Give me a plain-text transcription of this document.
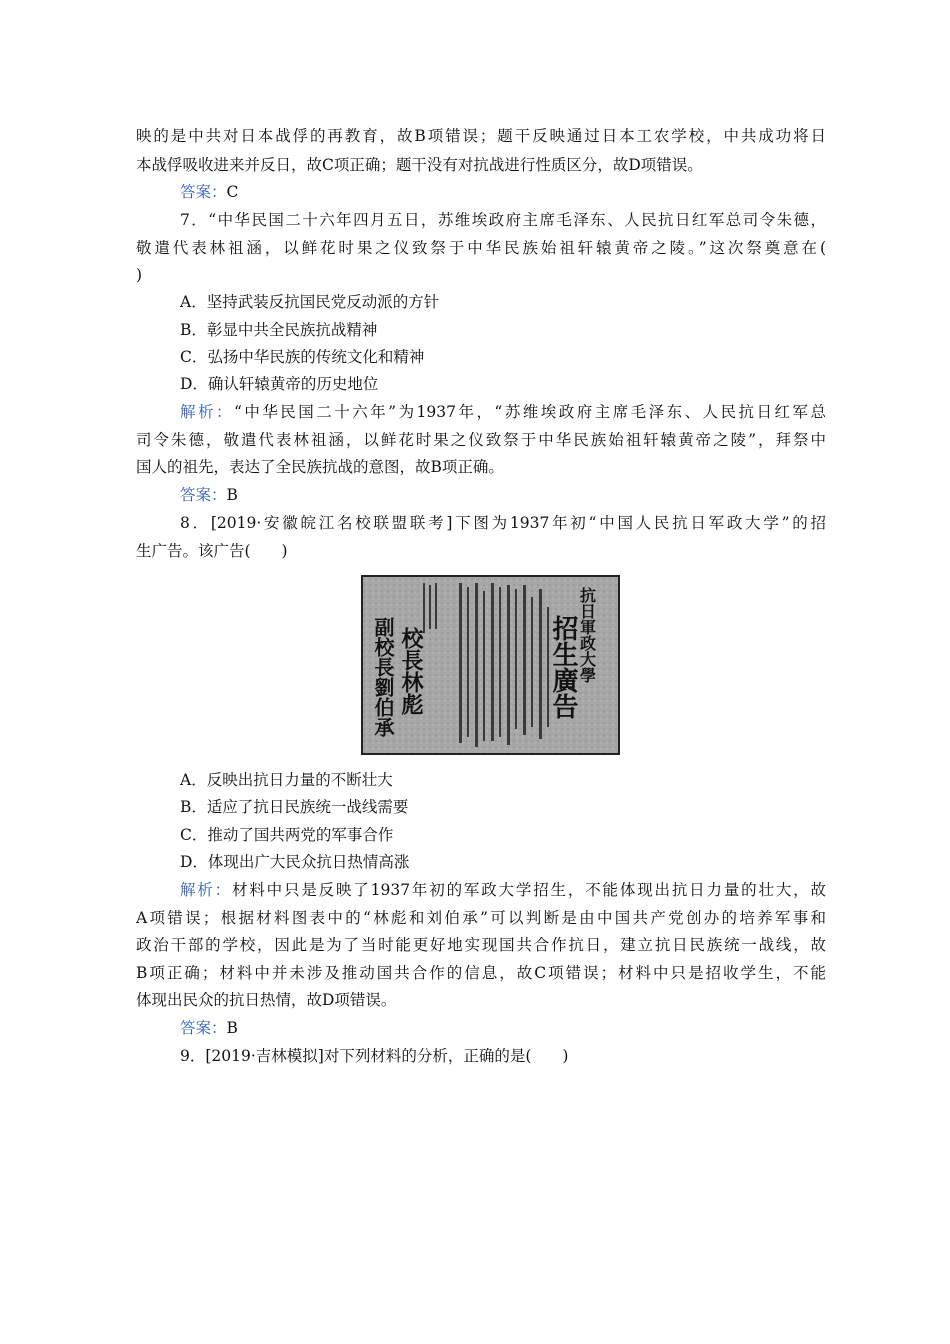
映的是中共对日本战俘的再教育，故B项错误；题干反映通过日本工农学校，中共成功将日
本战俘吸收进来并反日，故C项正确；题干没有对抗战进行性质区分，故D项错误。
答案：C
7．“中华民国二十六年四月五日，苏维埃政府主席毛泽东、人民抗日红军总司令朱德，
敬遣代表林祖涵，以鲜花时果之仪致祭于中华民族始祖轩辕黄帝之陵。”这次祭奠意在(
)
A．坚持武装反抗国民党反动派的方针
B．彰显中共全民族抗战精神
C．弘扬中华民族的传统文化和精神
D．确认轩辕黄帝的历史地位
解析：“中华民国二十六年”为1937年，“苏维埃政府主席毛泽东、人民抗日红军总
司令朱德，敬遣代表林祖涵，以鲜花时果之仪致祭于中华民族始祖轩辕黄帝之陵”，拜祭中
国人的祖先，表达了全民族抗战的意图，故B项正确。
答案：B
8．[2019·安徽皖江名校联盟联考]下图为1937年初“中国人民抗日军政大学”的招
生广告。该广告(　　)
抗日軍政大學
招生廣告
校長林彪
副校長劉伯承
A．反映出抗日力量的不断壮大
B．适应了抗日民族统一战线需要
C．推动了国共两党的军事合作
D．体现出广大民众抗日热情高涨
解析：材料中只是反映了1937年初的军政大学招生，不能体现出抗日力量的壮大，故
A项错误；根据材料图表中的“林彪和刘伯承”可以判断是由中国共产党创办的培养军事和
政治干部的学校，因此是为了当时能更好地实现国共合作抗日，建立抗日民族统一战线，故
B项正确；材料中并未涉及推动国共合作的信息，故C项错误；材料中只是招收学生，不能
体现出民众的抗日热情，故D项错误。
答案：B
9．[2019·吉林模拟]对下列材料的分析，正确的是(　　)
